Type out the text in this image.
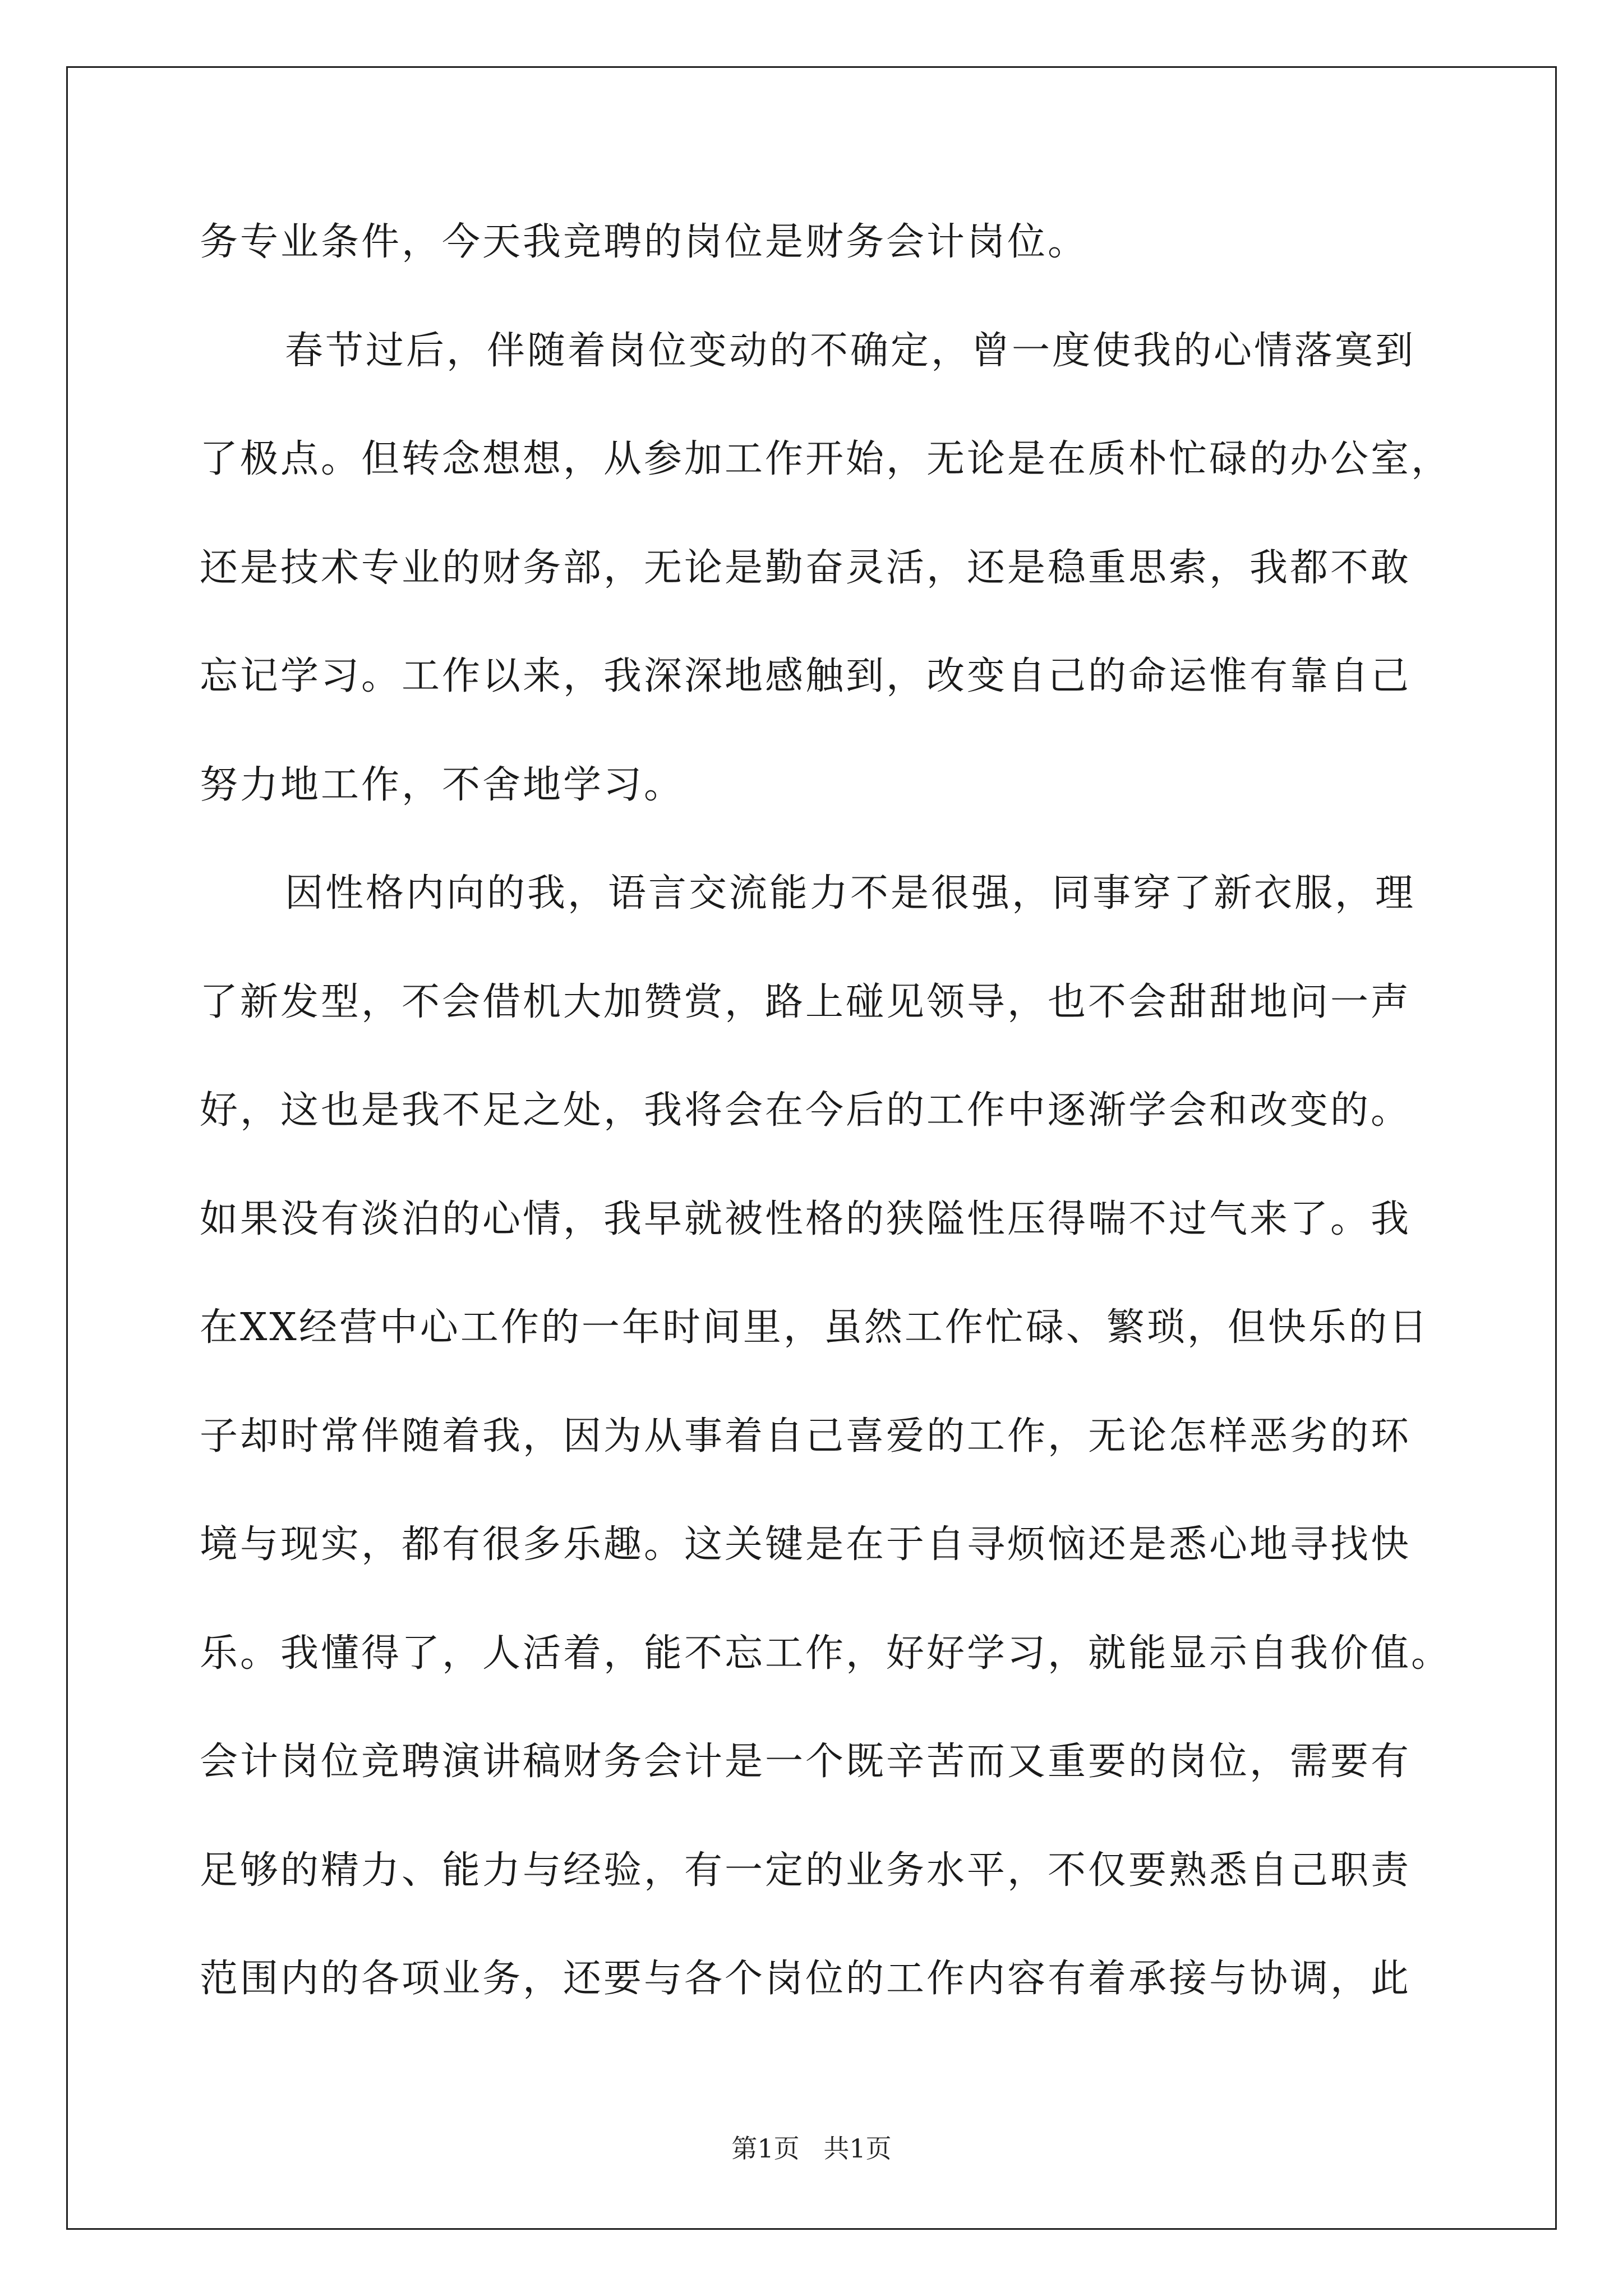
务专业条件，今天我竞聘的岗位是财务会计岗位。
春节过后，伴随着岗位变动的不确定，曾一度使我的心情落寞到
了极点。但转念想想，从参加工作开始，无论是在质朴忙碌的办公室，
还是技术专业的财务部，无论是勤奋灵活，还是稳重思索，我都不敢
忘记学习。工作以来，我深深地感触到，改变自己的命运惟有靠自己
努力地工作，不舍地学习。
因性格内向的我，语言交流能力不是很强，同事穿了新衣服，理
了新发型，不会借机大加赞赏，路上碰见领导，也不会甜甜地问一声
好，这也是我不足之处，我将会在今后的工作中逐渐学会和改变的。
如果没有淡泊的心情，我早就被性格的狭隘性压得喘不过气来了。我
在XX经营中心工作的一年时间里，虽然工作忙碌、繁琐，但快乐的日
子却时常伴随着我，因为从事着自己喜爱的工作，无论怎样恶劣的环
境与现实，都有很多乐趣。这关键是在于自寻烦恼还是悉心地寻找快
乐。我懂得了，人活着，能不忘工作，好好学习，就能显示自我价值。
会计岗位竞聘演讲稿财务会计是一个既辛苦而又重要的岗位，需要有
足够的精力、能力与经验，有一定的业务水平，不仅要熟悉自己职责
范围内的各项业务，还要与各个岗位的工作内容有着承接与协调，此
第1页 共1页
